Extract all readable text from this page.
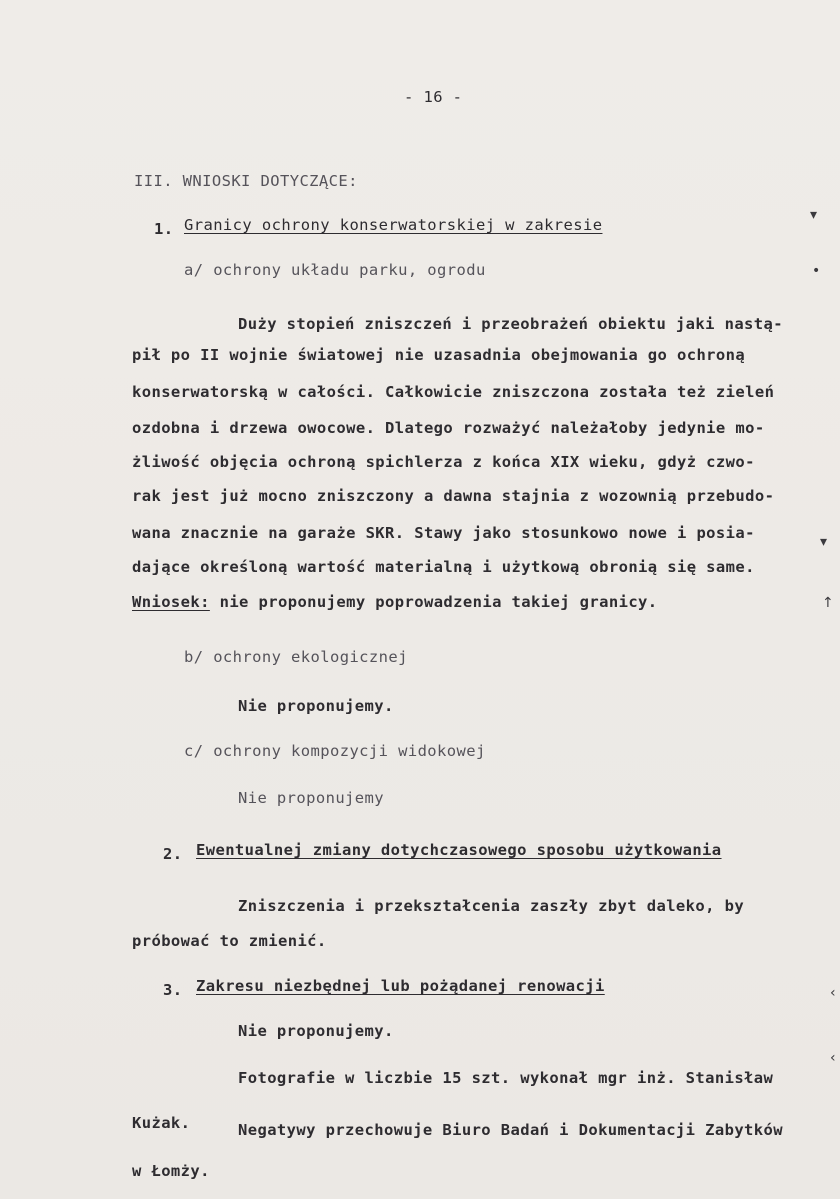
- 16 -
III. WNIOSKI DOTYCZĄCE:
1. Granicy ochrony konserwatorskiej w zakresie
a/ ochrony układu parku, ogrodu
Duży stopień zniszczeń i przeobrażeń obiektu jaki nastą-
pił po II wojnie światowej nie uzasadnia obejmowania go ochroną
konserwatorską w całości. Całkowicie zniszczona została też zieleń
ozdobna i drzewa owocowe. Dlatego rozważyć należałoby jedynie mo-
żliwość objęcia ochroną spichlerza z końca XIX wieku, gdyż czwo-
rak jest już mocno zniszczony a dawna stajnia z wozownią przebudo-
wana znacznie na garaże SKR. Stawy jako stosunkowo nowe i posia-
dające określoną wartość materialną i użytkową obronią się same.
Wniosek: nie proponujemy poprowadzenia takiej granicy.
b/ ochrony ekologicznej
Nie proponujemy.
c/ ochrony kompozycji widokowej
Nie proponujemy
2. Ewentualnej zmiany dotychczasowego sposobu użytkowania
Zniszczenia i przekształcenia zaszły zbyt daleko, by
próbować to zmienić.
3. Zakresu niezbędnej lub pożądanej renowacji
Nie proponujemy.
Fotografie w liczbie 15 szt. wykonał mgr inż. Stanisław
Kużak.	Negatywy przechowuje Biuro Badań i Dokumentacji Zabytków
w Łomży.
▾
•
▾
↑
‹
‹
